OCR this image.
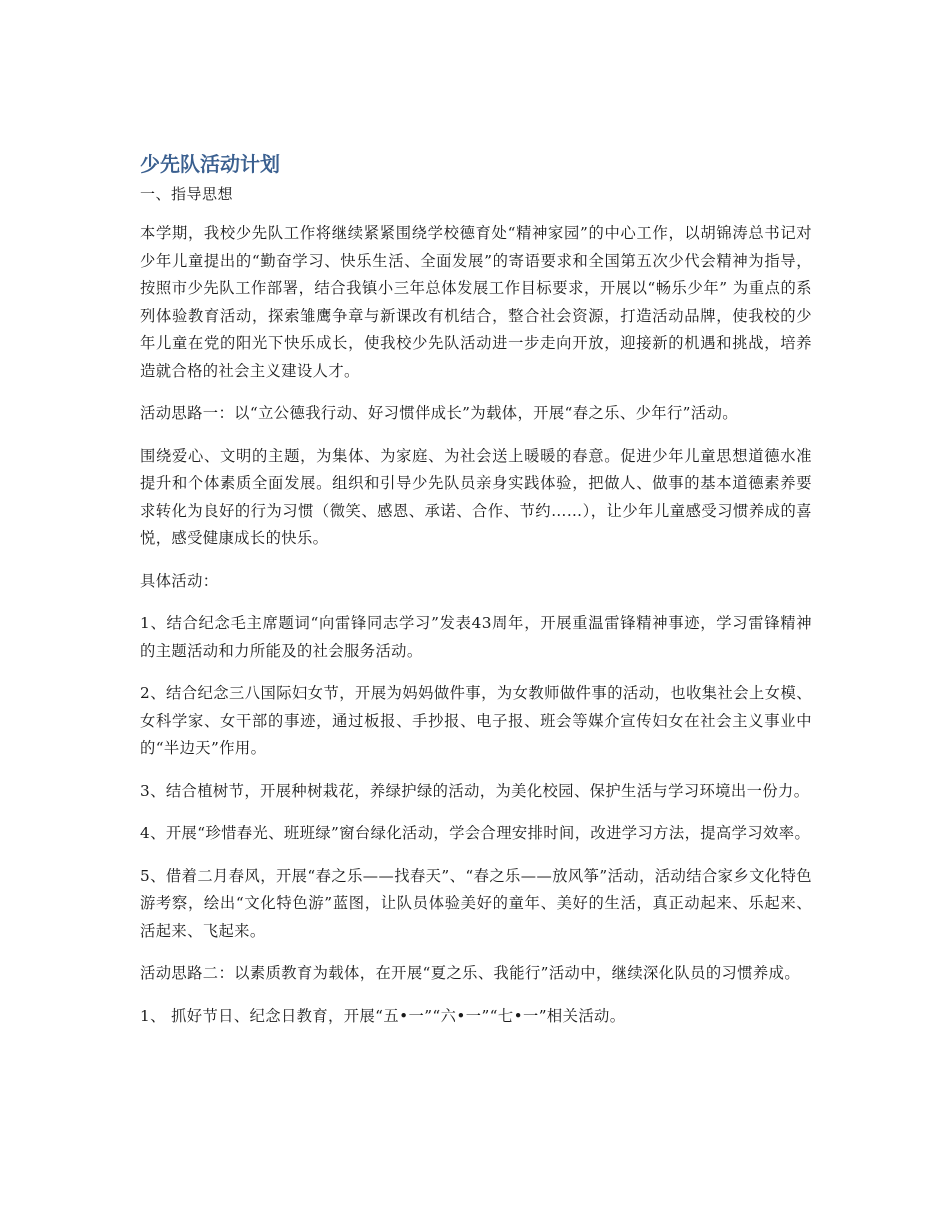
少先队活动计划
一、指导思想

本学期，我校少先队工作将继续紧紧围绕学校德育处“精神家园”的中心工作，以胡锦涛总书记对少年儿童提出的“勤奋学习、快乐生活、全面发展”的寄语要求和全国第五次少代会精神为指导，按照市少先队工作部署，结合我镇小三年总体发展工作目标要求，开展以“畅乐少年” 为重点的系列体验教育活动，探索雏鹰争章与新课改有机结合，整合社会资源，打造活动品牌，使我校的少年儿童在党的阳光下快乐成长，使我校少先队活动进一步走向开放，迎接新的机遇和挑战，培养造就合格的社会主义建设人才。

活动思路一：以“立公德我行动、好习惯伴成长”为载体，开展“春之乐、少年行”活动。

围绕爱心、文明的主题，为集体、为家庭、为社会送上暖暖的春意。促进少年儿童思想道德水准提升和个体素质全面发展。组织和引导少先队员亲身实践体验，把做人、做事的基本道德素养要求转化为良好的行为习惯（微笑、感恩、承诺、合作、节约……），让少年儿童感受习惯养成的喜悦，感受健康成长的快乐。

具体活动：

1、结合纪念毛主席题词“向雷锋同志学习”发表43周年，开展重温雷锋精神事迹，学习雷锋精神的主题活动和力所能及的社会服务活动。

2、结合纪念三八国际妇女节，开展为妈妈做件事，为女教师做件事的活动，也收集社会上女模、女科学家、女干部的事迹，通过板报、手抄报、电子报、班会等媒介宣传妇女在社会主义事业中的“半边天”作用。

3、结合植树节，开展种树栽花，养绿护绿的活动，为美化校园、保护生活与学习环境出一份力。

4、开展“珍惜春光、班班绿”窗台绿化活动，学会合理安排时间，改进学习方法，提高学习效率。

5、借着二月春风，开展“春之乐——找春天”、“春之乐——放风筝”活动，活动结合家乡文化特色游考察，绘出“文化特色游”蓝图，让队员体验美好的童年、美好的生活，真正动起来、乐起来、活起来、飞起来。

活动思路二：以素质教育为载体，在开展“夏之乐、我能行”活动中，继续深化队员的习惯养成。

1、 抓好节日、纪念日教育，开展“五•一”“六•一”“七•一”相关活动。
